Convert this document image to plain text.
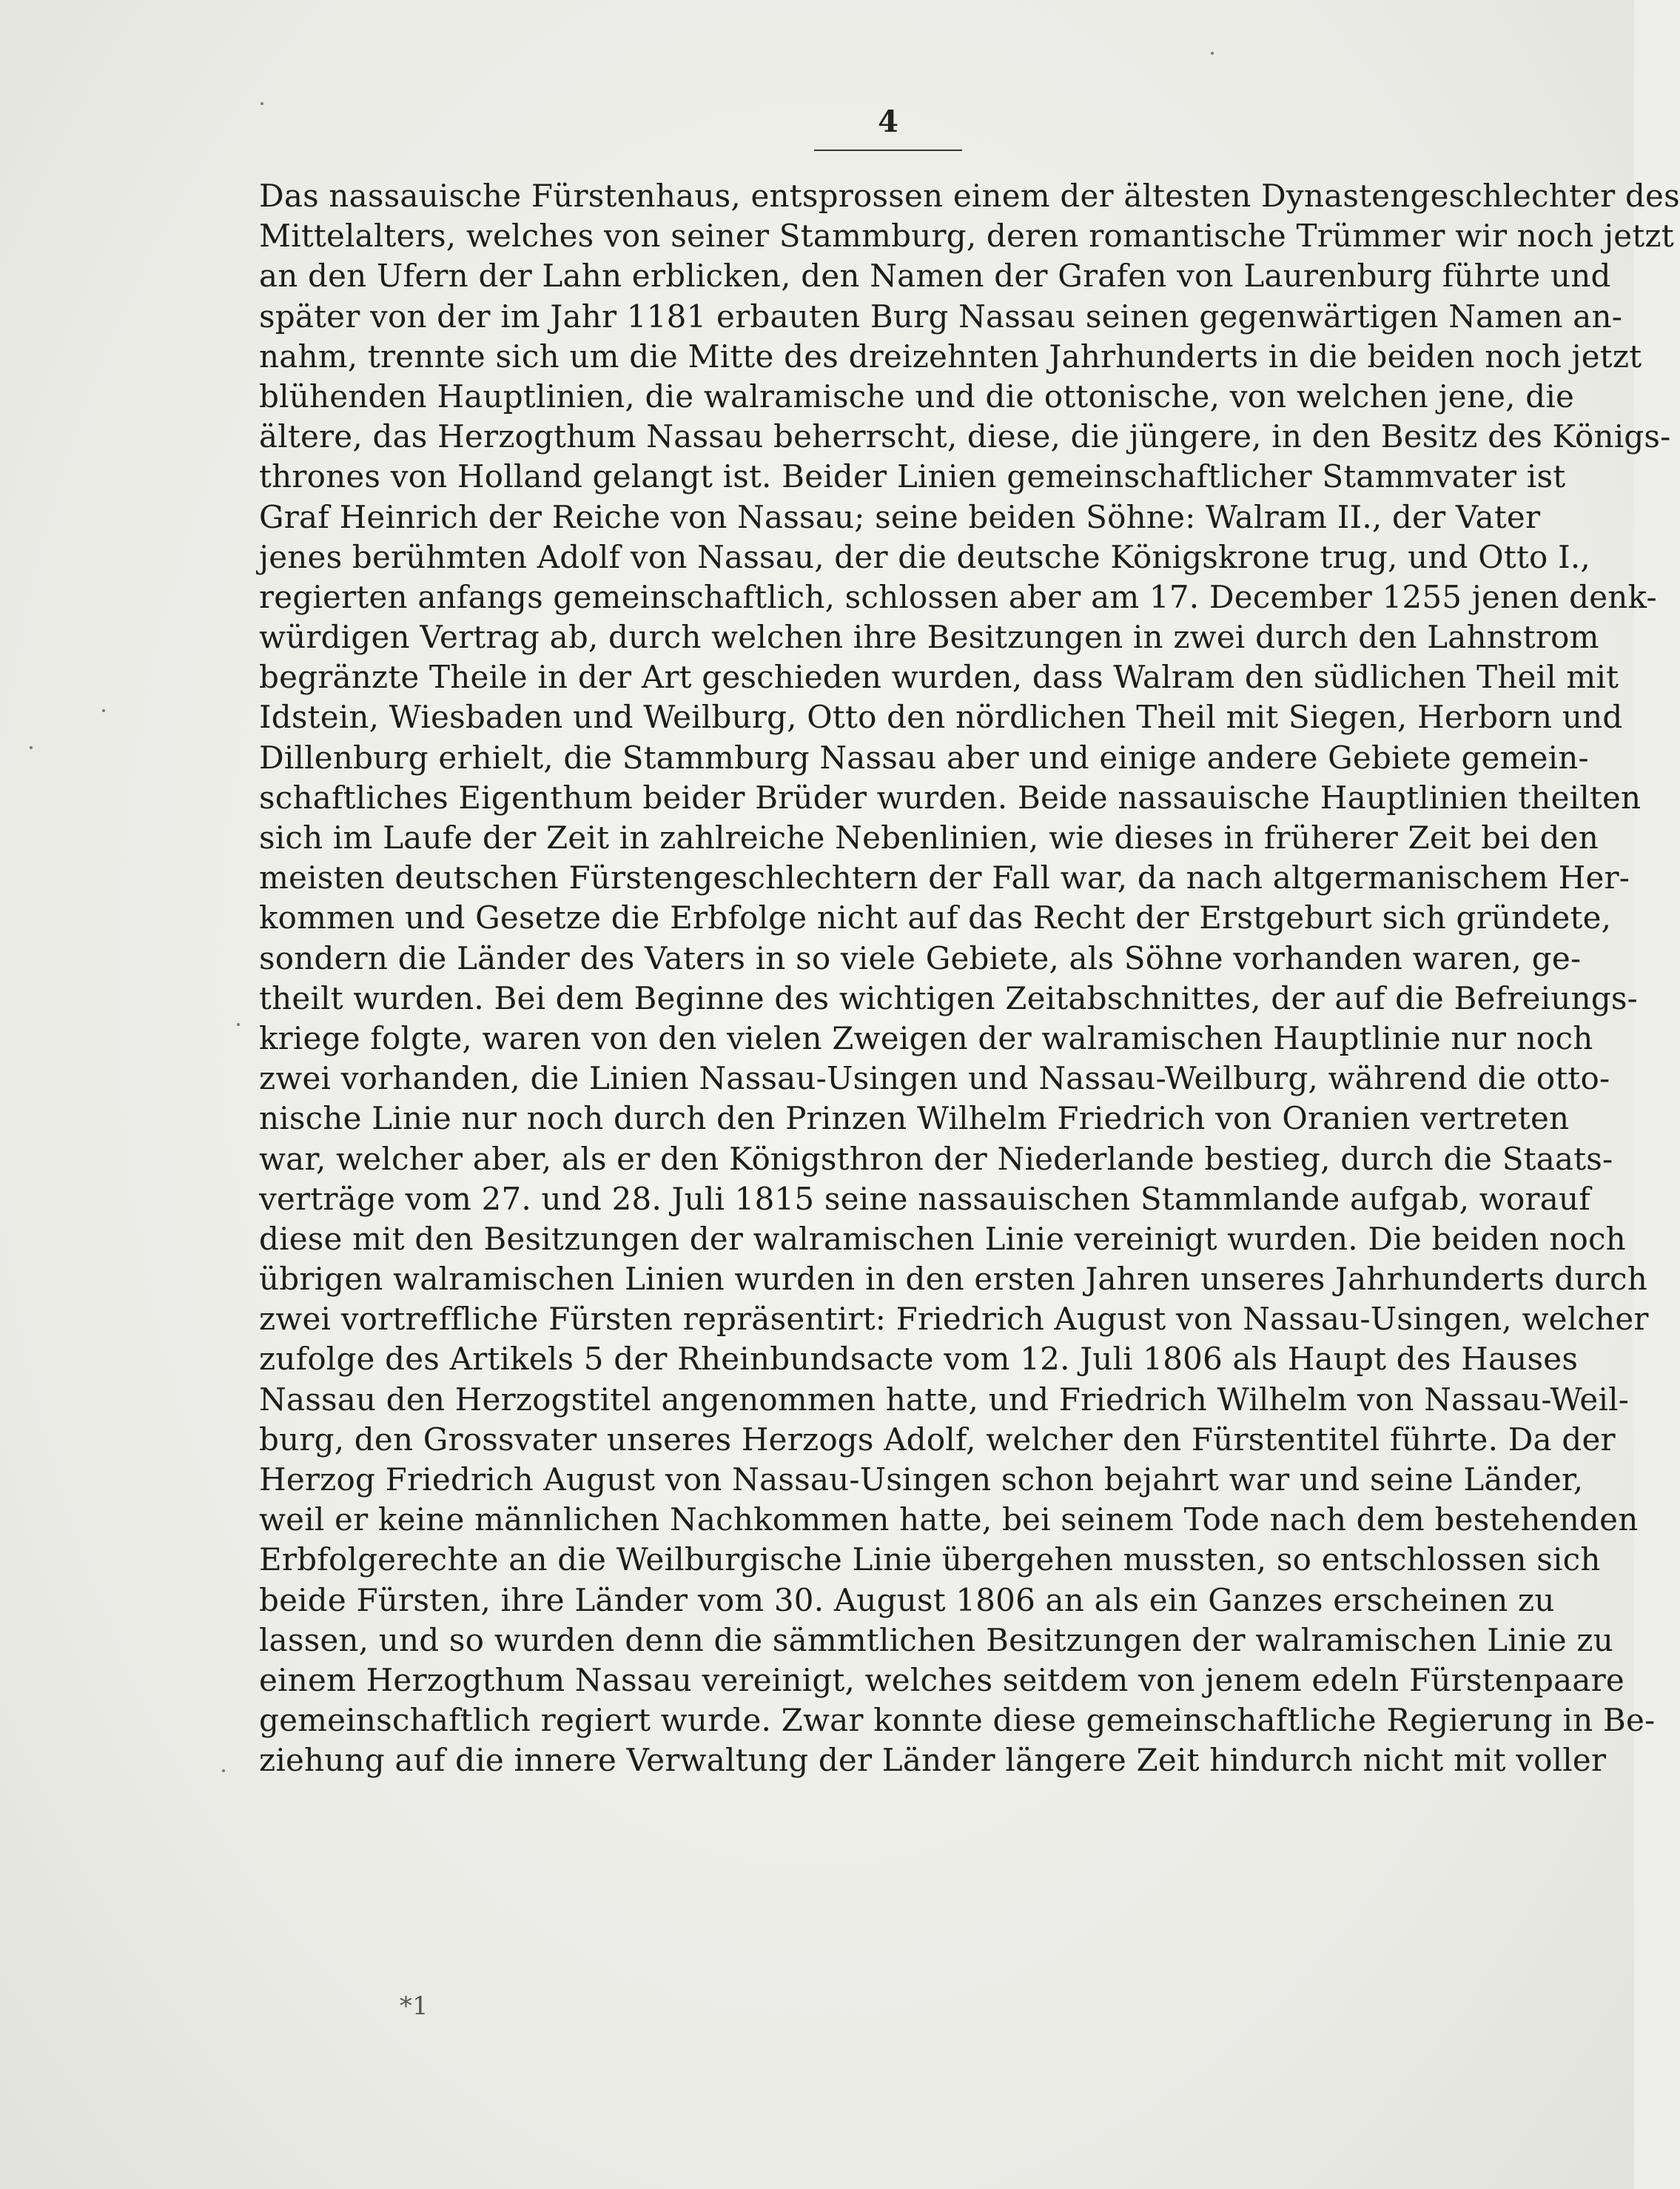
4
Das nassauische Fürstenhaus, entsprossen einem der ältesten Dynastengeschlechter des
Mittelalters, welches von seiner Stammburg, deren romantische Trümmer wir noch jetzt
an den Ufern der Lahn erblicken, den Namen der Grafen von Laurenburg führte und
später von der im Jahr 1181 erbauten Burg Nassau seinen gegenwärtigen Namen an-
nahm, trennte sich um die Mitte des dreizehnten Jahrhunderts in die beiden noch jetzt
blühenden Hauptlinien, die walramische und die ottonische, von welchen jene, die
ältere, das Herzogthum Nassau beherrscht, diese, die jüngere, in den Besitz des Königs-
thrones von Holland gelangt ist. Beider Linien gemeinschaftlicher Stammvater ist
Graf Heinrich der Reiche von Nassau; seine beiden Söhne: Walram II., der Vater
jenes berühmten Adolf von Nassau, der die deutsche Königskrone trug, und Otto I.,
regierten anfangs gemeinschaftlich, schlossen aber am 17. December 1255 jenen denk-
würdigen Vertrag ab, durch welchen ihre Besitzungen in zwei durch den Lahnstrom
begränzte Theile in der Art geschieden wurden, dass Walram den südlichen Theil mit
Idstein, Wiesbaden und Weilburg, Otto den nördlichen Theil mit Siegen, Herborn und
Dillenburg erhielt, die Stammburg Nassau aber und einige andere Gebiete gemein-
schaftliches Eigenthum beider Brüder wurden. Beide nassauische Hauptlinien theilten
sich im Laufe der Zeit in zahlreiche Nebenlinien, wie dieses in früherer Zeit bei den
meisten deutschen Fürstengeschlechtern der Fall war, da nach altgermanischem Her-
kommen und Gesetze die Erbfolge nicht auf das Recht der Erstgeburt sich gründete,
sondern die Länder des Vaters in so viele Gebiete, als Söhne vorhanden waren, ge-
theilt wurden. Bei dem Beginne des wichtigen Zeitabschnittes, der auf die Befreiungs-
kriege folgte, waren von den vielen Zweigen der walramischen Hauptlinie nur noch
zwei vorhanden, die Linien Nassau-Usingen und Nassau-Weilburg, während die otto-
nische Linie nur noch durch den Prinzen Wilhelm Friedrich von Oranien vertreten
war, welcher aber, als er den Königsthron der Niederlande bestieg, durch die Staats-
verträge vom 27. und 28. Juli 1815 seine nassauischen Stammlande aufgab, worauf
diese mit den Besitzungen der walramischen Linie vereinigt wurden. Die beiden noch
übrigen walramischen Linien wurden in den ersten Jahren unseres Jahrhunderts durch
zwei vortreffliche Fürsten repräsentirt: Friedrich August von Nassau-Usingen, welcher
zufolge des Artikels 5 der Rheinbundsacte vom 12. Juli 1806 als Haupt des Hauses
Nassau den Herzogstitel angenommen hatte, und Friedrich Wilhelm von Nassau-Weil-
burg, den Grossvater unseres Herzogs Adolf, welcher den Fürstentitel führte. Da der
Herzog Friedrich August von Nassau-Usingen schon bejahrt war und seine Länder,
weil er keine männlichen Nachkommen hatte, bei seinem Tode nach dem bestehenden
Erbfolgerechte an die Weilburgische Linie übergehen mussten, so entschlossen sich
beide Fürsten, ihre Länder vom 30. August 1806 an als ein Ganzes erscheinen zu
lassen, und so wurden denn die sämmtlichen Besitzungen der walramischen Linie zu
einem Herzogthum Nassau vereinigt, welches seitdem von jenem edeln Fürstenpaare
gemeinschaftlich regiert wurde. Zwar konnte diese gemeinschaftliche Regierung in Be-
ziehung auf die innere Verwaltung der Länder längere Zeit hindurch nicht mit voller
*1
